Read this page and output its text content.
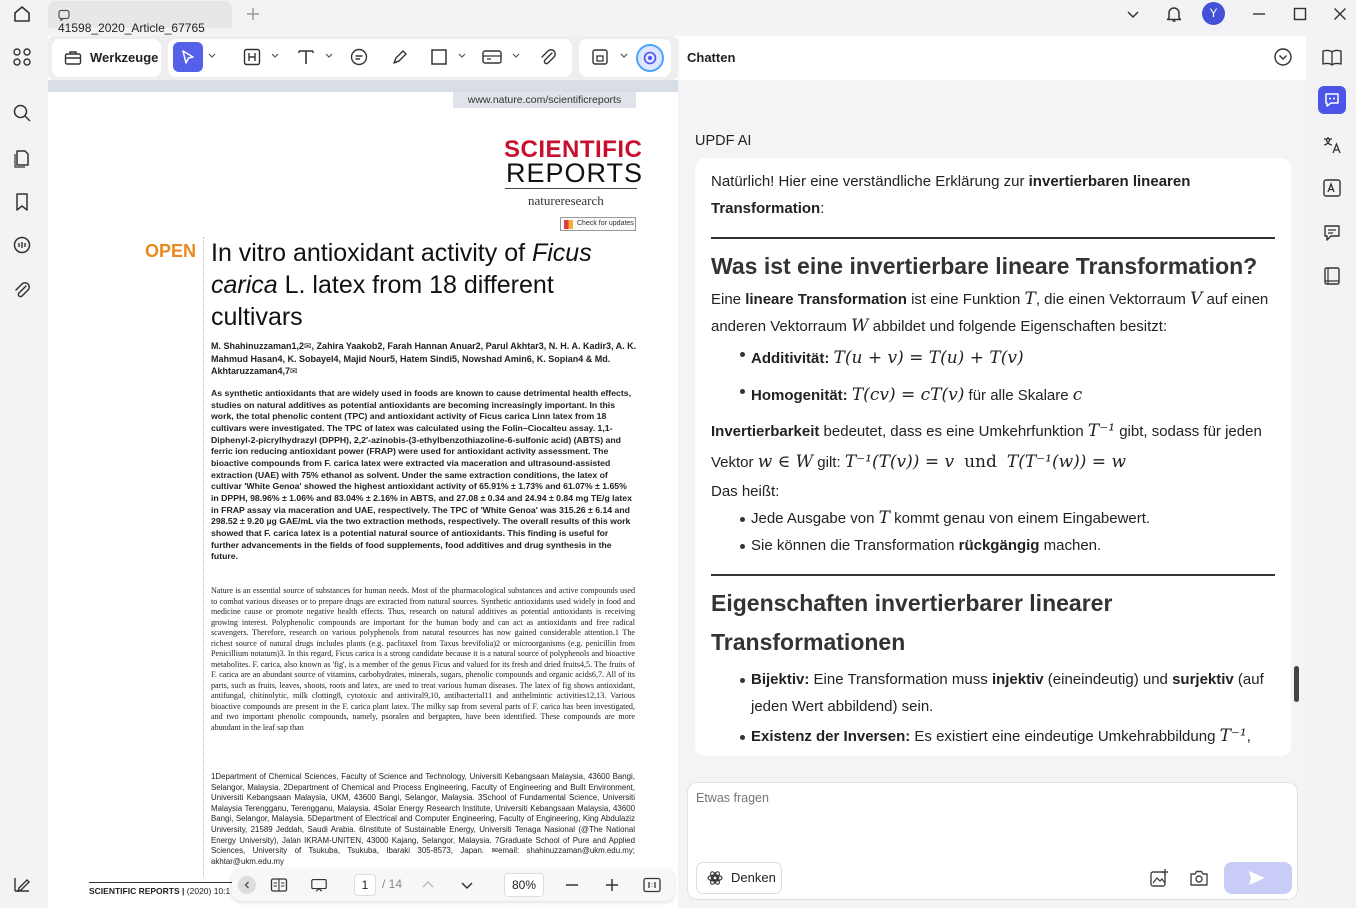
41598_2020_Article_67765
Y
Werkzeuge
www.nature.com/scientificreports
SCIENTIFIC
REPORTS
natureresearch
Check for updates
OPEN In vitro antioxidant activity of Ficus carica L. latex from 18 different cultivars
M. Shahinuzzaman1,2✉, Zahira Yaakob2, Farah Hannan Anuar2, Parul Akhtar3, N. H. A. Kadir3, A. K. Mahmud Hasan4, K. Sobayel4, Majid Nour5, Hatem Sindi5, Nowshad Amin6, K. Sopian4 & Md. Akhtaruzzaman4,7✉
As synthetic antioxidants that are widely used in foods are known to cause detrimental health effects, studies on natural additives as potential antioxidants are becoming increasingly important. In this work, the total phenolic content (TPC) and antioxidant activity of Ficus carica Linn latex from 18 cultivars were investigated. The TPC of latex was calculated using the Folin–Ciocalteu assay. 1,1-Diphenyl-2-picrylhydrazyl (DPPH), 2,2′-azinobis-(3-ethylbenzothiazoline-6-sulfonic acid) (ABTS) and ferric ion reducing antioxidant power (FRAP) were used for antioxidant activity assessment. The bioactive compounds from F. carica latex were extracted via maceration and ultrasound-assisted extraction (UAE) with 75% ethanol as solvent. Under the same extraction conditions, the latex of cultivar 'White Genoa' showed the highest antioxidant activity of 65.91% ± 1.73% and 61.07% ± 1.65% in DPPH, 98.96% ± 1.06% and 83.04% ± 2.16% in ABTS, and 27.08 ± 0.34 and 24.94 ± 0.84 mg TE/g latex in FRAP assay via maceration and UAE, respectively. The TPC of 'White Genoa' was 315.26 ± 6.14 and 298.52 ± 9.20 µg GAE/mL via the two extraction methods, respectively. The overall results of this work showed that F. carica latex is a potential natural source of antioxidants. This finding is useful for further advancements in the fields of food supplements, food additives and drug synthesis in the future.
Nature is an essential source of substances for human needs. Most of the pharmacological substances and active compounds used to combat various diseases or to prepare drugs are extracted from natural sources. Synthetic antioxidants used widely in food and medicine cause or promote negative health effects. Thus, research on natural additives as potential antioxidants is receiving growing interest. Polyphenolic compounds are important for the human body and can act as antioxidants and free radical scavengers. Therefore, research on various polyphenols from natural resources has now gained considerable attention.1 The richest source of natural drugs includes plants (e.g. paclitaxel from Taxus brevifolia)2 or microorganisms (e.g. penicillin from Penicillium notatum)3. In this regard, Ficus carica is a strong candidate because it is a natural source of polyphenols and bioactive metabolites. F. carica, also known as 'fig', is a member of the genus Ficus and valued for its fresh and dried fruits4,5. The fruits of F. carica are an abundant source of vitamins, carbohydrates, minerals, sugars, phenolic compounds and organic acids6,7. All of its parts, such as fruits, leaves, shoots, roots and latex, are used to treat various human diseases. The latex of fig shows antioxidant, antifungal, chitinolytic, milk clotting8, cytotoxic and antiviral9,10, antibacterial11 and anthelmintic activities12,13. Various bioactive compounds are present in the F. carica plant latex. The milky sap from several parts of F. carica has been investigated, and two important phenolic compounds, namely, psoralen and bergapten, have been identified. These compounds are more abundant in the leaf sap than
1Department of Chemical Sciences, Faculty of Science and Technology, Universiti Kebangsaan Malaysia, 43600 Bangi, Selangor, Malaysia. 2Department of Chemical and Process Engineering, Faculty of Engineering and Built Environment, Universiti Kebangsaan Malaysia, UKM, 43600 Bangi, Selangor, Malaysia. 3School of Fundamental Science, Universiti Malaysia Terengganu, Terengganu, Malaysia. 4Solar Energy Research Institute, Universiti Kebangsaan Malaysia, 43600 Bangi, Selangor, Malaysia. 5Department of Electrical and Computer Engineering, Faculty of Engineering, King Abdulaziz University, 21589 Jeddah, Saudi Arabia. 6Institute of Sustainable Energy, Universiti Tenaga Nasional (@The National Energy University), Jalan IKRAM-UNITEN, 43000 Kajang, Selangor, Malaysia. 7Graduate School of Pure and Applied Sciences, University of Tsukuba, Tsukuba, Ibaraki 305-8573, Japan. ✉email: shahinuzzaman@ukm.edu.my; akhtar@ukm.edu.my
SCIENTIFIC REPORTS | (2020) 10:1	1	/ 14	80%
Chatten
UPDF AI
Natürlich! Hier eine verständliche Erklärung zur invertierbaren linearen Transformation:
Was ist eine invertierbare lineare Transformation?
Eine lineare Transformation ist eine Funktion T, die einen Vektorraum V auf einen anderen Vektorraum W abbildet und folgende Eigenschaften besitzt:
Additivität: T(u + v) = T(u) + T(v)
Homogenität: T(cv) = cT(v) für alle Skalare c
Invertierbarkeit bedeutet, dass es eine Umkehrfunktion T⁻¹ gibt, sodass für jeden Vektor w ∈ W gilt: T⁻¹(T(v)) = v und T(T⁻¹(w)) = w
Das heißt:
Jede Ausgabe von T kommt genau von einem Eingabewert.
Sie können die Transformation rückgängig machen.
Eigenschaften invertierbarer linearer Transformationen
Bijektiv: Eine Transformation muss injektiv (eineindeutig) und surjektiv (auf jeden Wert abbildend) sein.
Existenz der Inversen: Es existiert eine eindeutige Umkehrabbildung T⁻¹,
Etwas fragen
Denken
